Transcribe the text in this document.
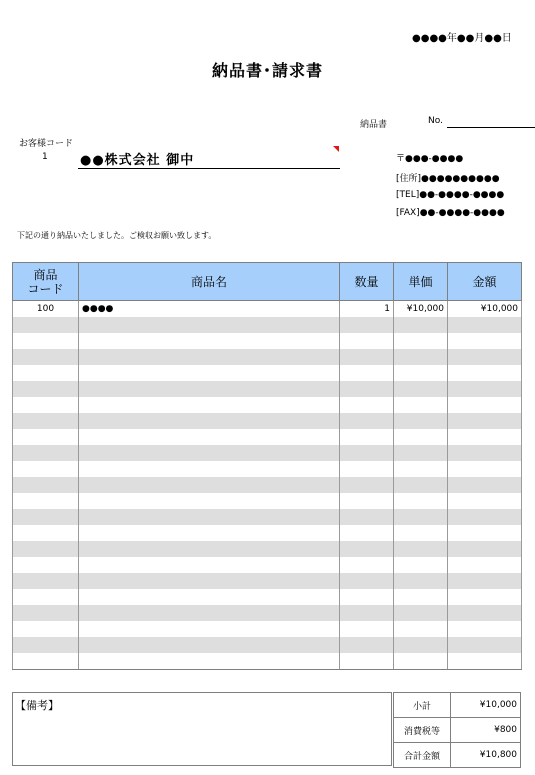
●●●●年●●月●●日
納品書･請求書
納品書	No.
お客様コード
1 ●●株式会社 御中	〒●●●-●●●●
[住所]●●●●●●●●●●
[TEL]●●-●●●●-●●●●
[FAX]●●-●●●●-●●●●
下記の通り納品いたしました。ご検収お願い致します。
商品
コード	商品名	数量	単価	金額
100	●●●●	1	¥10,000	¥10,000

【備考】	小計	¥10,000
消費税等	¥800
合計金額	¥10,800
